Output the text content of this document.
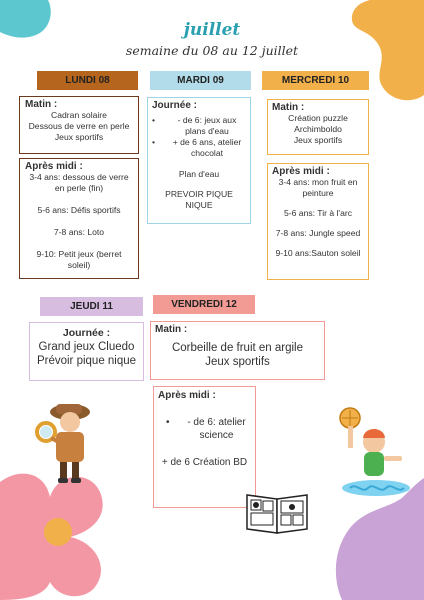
juillet
semaine du 08 au 12 juillet
LUNDI 08	MARDI 09	MERCREDI 10
JEUDI 11	VENDREDI 12
Matin :
Cadran solaire
Dessous de verre en perle
Jeux sportifs
Après midi :
3-4 ans: dessous de verre en perle (fin)
5-6 ans: Défis sportifs
7-8 ans: Loto
9-10: Petit jeux (berret soleil)
Journée :
• - de 6: jeux aux plans d'eau
• + de 6 ans, atelier chocolat
Plan d'eau
PREVOIR PIQUE NIQUE
Matin :
Création puzzle
Archimboldo
Jeux sportifs
Après midi :
3-4 ans: mon fruit en peinture
5-6 ans: Tir à l'arc
7-8 ans: Jungle speed
9-10 ans:Sauton soleil
Journée :
Grand jeux Cluedo
Prévoir pique nique
Matin :
Corbeille de fruit en argile
Jeux sportifs
Après midi :
• - de 6: atelier science
+ de 6 Création BD
